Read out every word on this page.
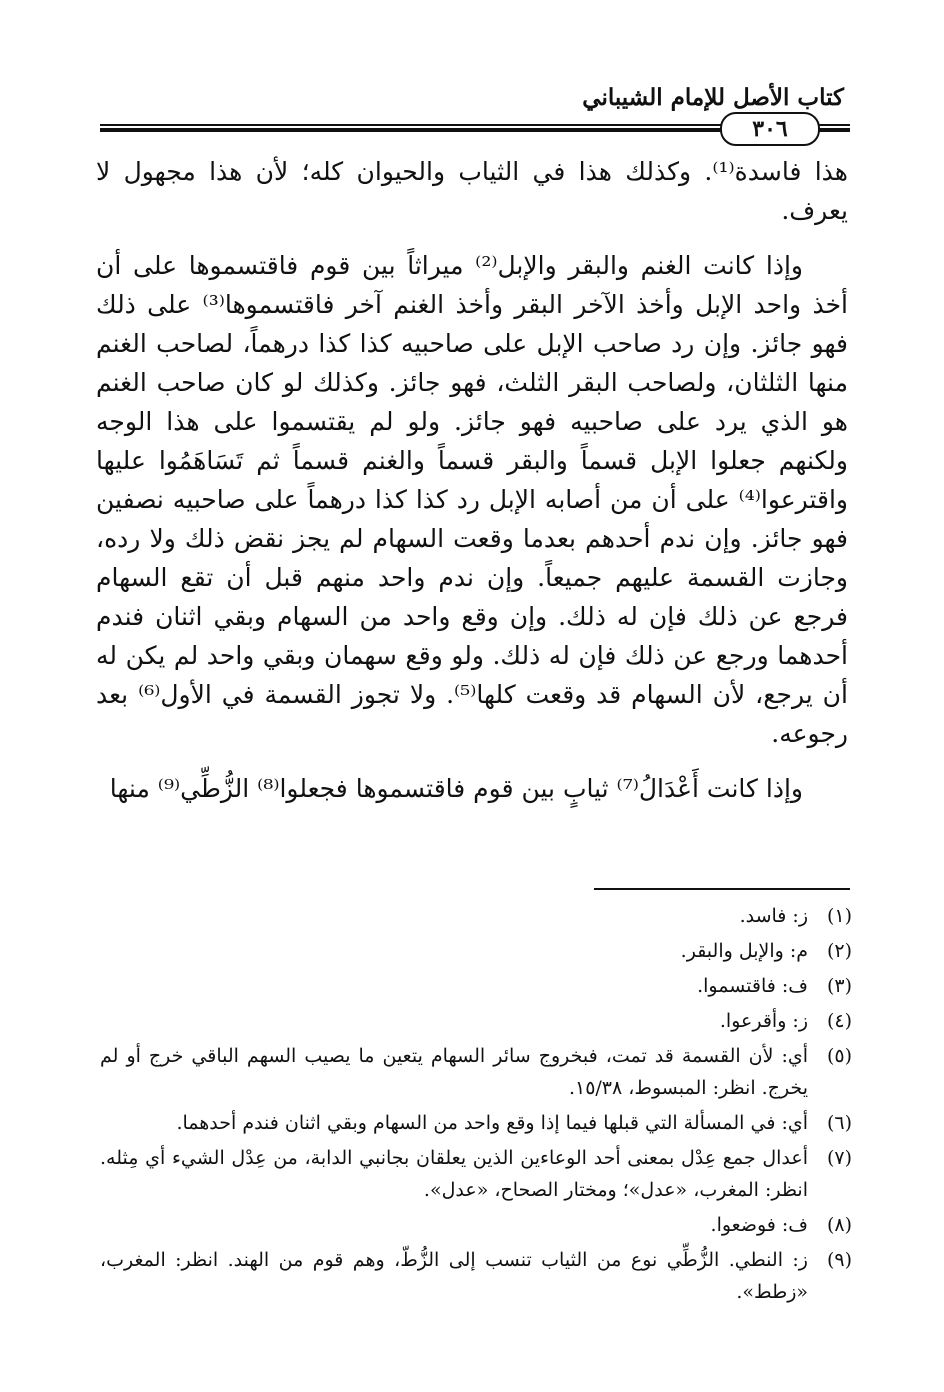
كتاب الأصل للإمام الشيباني
٣٠٦

هذا فاسدة⁽¹⁾. وكذلك هذا في الثياب والحيوان كله؛ لأن هذا مجهول لا يعرف.

وإذا كانت الغنم والبقر والإبل⁽²⁾ ميراثاً بين قوم فاقتسموها على أن أخذ واحد الإبل وأخذ الآخر البقر وأخذ الغنم آخر فاقتسموها⁽³⁾ على ذلك فهو جائز. وإن رد صاحب الإبل على صاحبيه كذا كذا درهماً، لصاحب الغنم منها الثلثان، ولصاحب البقر الثلث، فهو جائز. وكذلك لو كان صاحب الغنم هو الذي يرد على صاحبيه فهو جائز. ولو لم يقتسموا على هذا الوجه ولكنهم جعلوا الإبل قسماً والبقر قسماً والغنم قسماً ثم تَسَاهَمُوا عليها واقترعوا⁽⁴⁾ على أن من أصابه الإبل رد كذا كذا درهماً على صاحبيه نصفين فهو جائز. وإن ندم أحدهم بعدما وقعت السهام لم يجز نقض ذلك ولا رده، وجازت القسمة عليهم جميعاً. وإن ندم واحد منهم قبل أن تقع السهام فرجع عن ذلك فإن له ذلك. وإن وقع واحد من السهام وبقي اثنان فندم أحدهما ورجع عن ذلك فإن له ذلك. ولو وقع سهمان وبقي واحد لم يكن له أن يرجع، لأن السهام قد وقعت كلها⁽⁵⁾. ولا تجوز القسمة في الأول⁽⁶⁾ بعد رجوعه.

وإذا كانت أَعْدَالُ⁽⁷⁾ ثيابٍ بين قوم فاقتسموها فجعلوا⁽⁸⁾ الزُّطِّي⁽⁹⁾ منها

(١)
ز: فاسد.
(٢)
م: والإبل والبقر.
(٣)
ف: فاقتسموا.
(٤)
ز: وأقرعوا.
(٥)
أي: لأن القسمة قد تمت، فبخروج سائر السهام يتعين ما يصيب السهم الباقي خرج أو لم يخرج. انظر: المبسوط، ١٥/٣٨.
(٦)
أي: في المسألة التي قبلها فيما إذا وقع واحد من السهام وبقي اثنان فندم أحدهما.
(٧)
أعدال جمع عِدْل بمعنى أحد الوعاءين الذين يعلقان بجانبي الدابة، من عِدْل الشيء أي مِثله. انظر: المغرب، «عدل»؛ ومختار الصحاح، «عدل».
(٨)
ف: فوضعوا.
(٩)
ز: النطي. الزُّطِّي نوع من الثياب تنسب إلى الزُّطّ، وهم قوم من الهند. انظر: المغرب، «زطط».
